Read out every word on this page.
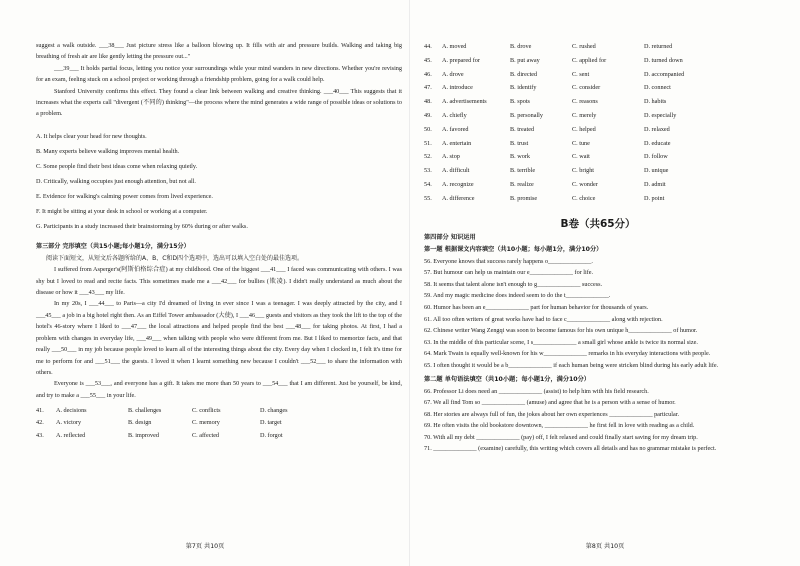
suggest a walk outside. ___38___ Just picture stress like a balloon blowing up. It fills with air and pressure builds. Walking and taking big breathing of fresh air are like gently letting the pressure out..."

___39___ It holds partial focus, letting you notice your surroundings while your mind wanders in new directions. Whether you're revising for an exam, feeling stuck on a school project or working through a friendship problem, going for a walk could help.

Stanford University confirms this effect. They found a clear link between walking and creative thinking. ___40___ This suggests that it increases what the experts call "divergent (不同的) thinking"—the process where the mind generates a wide range of possible ideas or solutions to a problem.

A. It helps clear your head for new thoughts.

B. Many experts believe walking improves mental health.

C. Some people find their best ideas come when relaxing quietly.

D. Critically, walking occupies just enough attention, but not all.

E. Evidence for walking's calming power comes from lived experience.

F. It might be sitting at your desk in school or working at a computer.

G. Participants in a study increased their brainstorming by 60% during or after walks.

第三部分 完形填空（共15小题;每小题1分，满分15分）

阅读下面短文，从短文后各题所给的A、B、C和D四个选项中，选出可以填入空白处的最佳选项。

I suffered from Asperger's(阿斯伯格综合症) at my childhood. One of the biggest ___41___ I faced was communicating with others. I was shy but I loved to read and recite facts. This sometimes made me a ___42___ for bullies (欺凌). I didn't really understand as much about the disease or how it ___43___ my life.

In my 20s, I ___44___ to Paris—a city I'd dreamed of living in ever since I was a teenager. I was deeply attracted by the city, and I ___45___ a job in a big hotel right then. As an Eiffel Tower ambassador (大使), I ___46___ guests and visitors as they took the lift to the top of the hotel's 46-story where I liked to ___47___ the local attractions and helped people find the best ___48___ for taking photos. At first, I had a problem with changes in everyday life, ___49___ when talking with people who were different from me. But I liked to memorize facts, and that really ___50___ in my job because people loved to learn all of the interesting things about the city. Every day when I clocked in, I felt it's time for me to perform for and ___51___ the guests. I loved it when I learnt something new because I couldn't ___52___ to share the information with others.

Everyone is ___53___, and everyone has a gift. It takes me more than 50 years to ___54___ that I am different. Just be yourself, be kind, and try to make a ___55___ in your life.

41.	A. decisions	B. challenges	C. conflicts	D. changes
42.	A. victory	B. design	C. memory	D. target
43.	A. reflected	B. improved	C. affected	D. forgot
第7页 共10页
44.	A. moved	B. drove	C. rushed	D. returned
45.	A. prepared for	B. put away	C. applied for	D. turned down
46.	A. drove	B. directed	C. sent	D. accompanied
47.	A. introduce	B. identify	C. consider	D. connect
48.	A. advertisements	B. spots	C. reasons	D. habits
49.	A. chiefly	B. personally	C. merely	D. especially
50.	A. favored	B. treated	C. helped	D. relaxed
51.	A. entertain	B. trust	C. tune	D. educate
52.	A. stop	B. work	C. wait	D. follow
53.	A. difficult	B. terrible	C. bright	D. unique
54.	A. recognize	B. realize	C. wonder	D. admit
55.	A. difference	B. promise	C. choice	D. point
B卷（共65分）

第四部分 知识运用

第一题 根据课文内容填空（共10小题；每小题1分，满分10分）

56. Everyone knows that success rarely happens o______________.

57. But humour can help us maintain our e______________ for life.

58. It seems that talent alone isn't enough to g______________ success.

59. And my magic medicine does indeed seem to do the t______________.

60. Humor has been an e______________ part for human behavior for thousands of years.

61. All too often writers of great works have had to face c______________ along with rejection.

62. Chinese writer Wang Zengqi was soon to become famous for his own unique h______________ of humor.

63. In the middle of this particular scene, I s______________ a small girl whose ankle is twice its normal size.

64. Mark Twain is equally well-known for his w______________ remarks in his everyday interactions with people.

65. I often thought it would be a b______________ if each human being were stricken blind during his early adult life.

第二题 单句语法填空（共10小题；每小题1分，满分10分）

66. Professor Li does need an ______________ (assist) to help him with his field research.

67. We all find Tom so ______________ (amuse) and agree that he is a person with a sense of humor.

68. Her stories are always full of fun, the jokes about her own experiences ______________ particular.

69. He often visits the old bookstore downtown, ______________ he first fell in love with reading as a child.

70. With all my debt ______________ (pay) off, I felt relaxed and could finally start saving for my dream trip.

71. ______________ (examine) carefully, this writing which covers all details and has no grammar mistake is perfect.

第8页 共10页
